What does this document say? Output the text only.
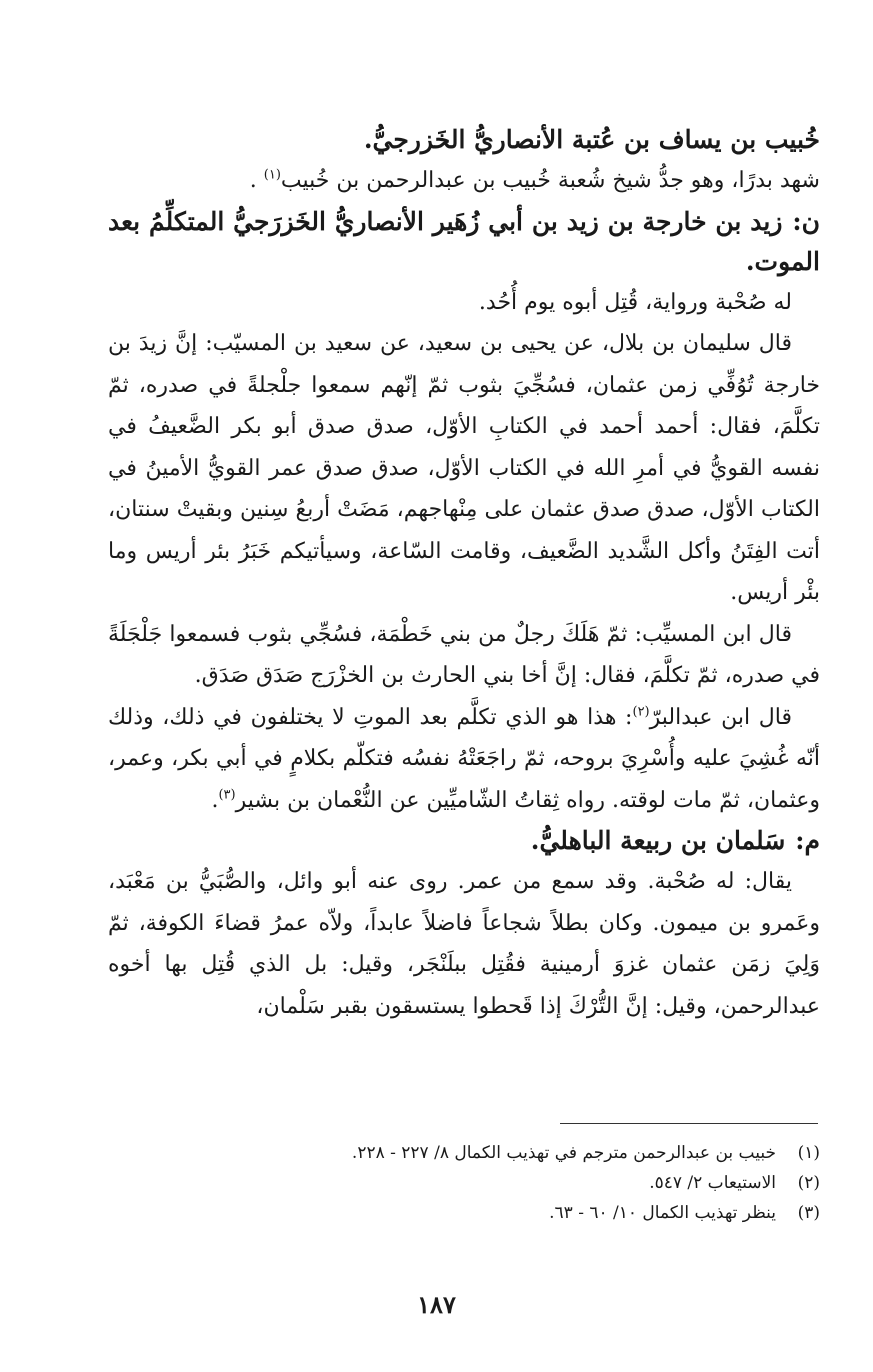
خُبيب بن يساف بن عُتبة الأنصاريُّ الخَزرجيُّ.

شهد بدرًا، وهو جدُّ شيخ شُعبة خُبيب بن عبدالرحمن بن خُبيب$^{(١)}$ .

ن:زيد بن خارجة بن زيد بن أبي زُهَير الأنصاريُّ الخَزرَجيُّ المتكلِّمُ بعد الموت.

له صُحْبة ورواية، قُتِل أبوه يوم أُحُد.

قال سليمان بن بلال، عن يحيى بن سعيد، عن سعيد بن المسيّب: إنَّ زيدَ بن خارجة تُوُفِّي زمن عثمان، فسُجِّيَ بثوب ثمّ إنّهم سمعوا جلْجلةً في صدره، ثمّ تكلَّمَ، فقال: أحمد أحمد في الكتابِ الأوّل، صدق صدق أبو بكر الضَّعيفُ في نفسه القويُّ في أمرِ الله في الكتاب الأوّل، صدق صدق عمر القويُّ الأمينُ في الكتاب الأوّل، صدق صدق عثمان على مِنْهاجهم، مَضَتْ أربعُ سِنين وبقيتْ سنتان، أتت الفِتَنُ وأكل الشَّديد الضَّعيف، وقامت السّاعة، وسيأتيكم خَبَرُ بئر أريس وما بئْر أريس.

قال ابن المسيِّب: ثمّ هَلَكَ رجلٌ من بني خَطْمَة، فسُجِّي بثوب فسمعوا جَلْجَلَةً في صدره، ثمّ تكلَّمَ، فقال: إنَّ أخا بني الحارث بن الخزْرَج صَدَق صَدَق.

قال ابن عبدالبرّ$^{(٢)}$: هذا هو الذي تكلَّم بعد الموتِ لا يختلفون في ذلك، وذلك أنّه غُشِيَ عليه وأُسْرِيَ بروحه، ثمّ راجَعَتْهُ نفسُه فتكلّم بكلامٍ في أبي بكر، وعمر، وعثمان، ثمّ مات لوقته. رواه ثِقاتُ الشّاميِّين عن النُّعْمان بن بشير$^{(٣)}$.

م:سَلمان بن ربيعة الباهليُّ.

يقال: له صُحْبة. وقد سمع من عمر. روى عنه أبو وائل، والصُّبَيُّ بن مَعْبَد، وعَمرو بن ميمون. وكان بطلاً شجاعاً فاضلاً عابداً، ولاّه عمرُ قضاءَ الكوفة، ثمّ وَلِيَ زمَن عثمان غزوَ أرمينية فقُتِل ببلَنْجَر، وقيل: بل الذي قُتِل بها أخوه عبدالرحمن، وقيل: إنَّ التُّرْكَ إذا قَحطوا يستسقون بقبر سَلْمان،

(١)
خبيب بن عبدالرحمن مترجم في تهذيب الكمال ٨/ ٢٢٧ - ٢٢٨.
(٢)
الاستيعاب ٢/ ٥٤٧.
(٣)
ينظر تهذيب الكمال ١٠/ ٦٠ - ٦٣.
١٨٧
